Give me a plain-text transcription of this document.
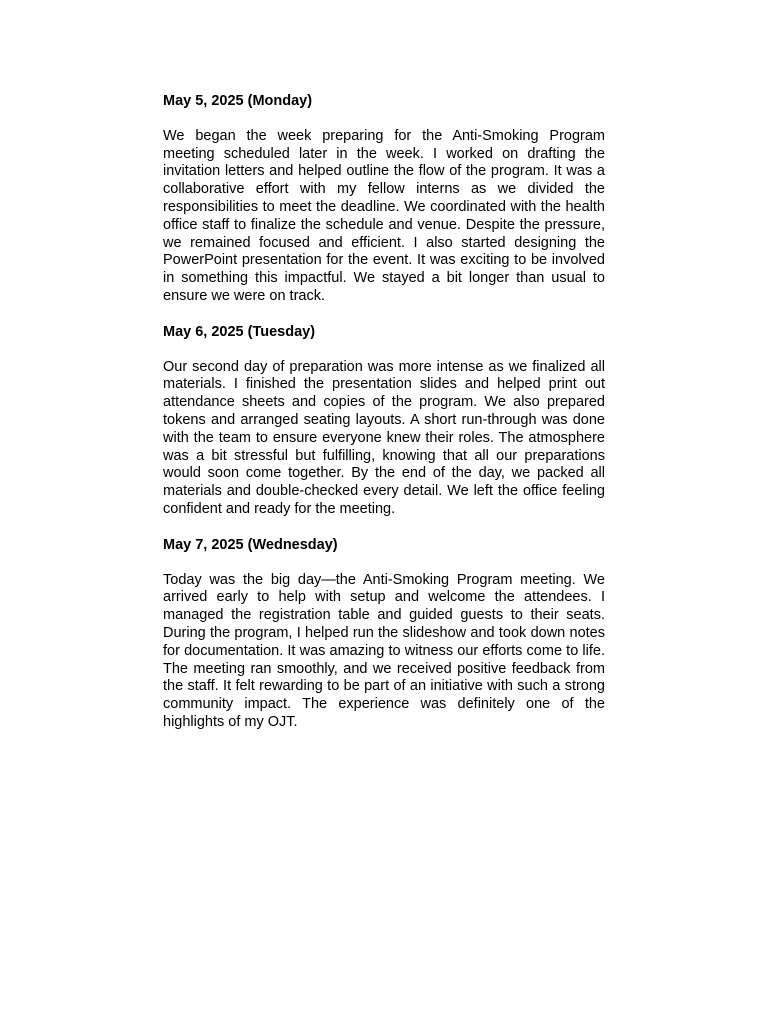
May 5, 2025 (Monday)

We began the week preparing for the Anti-Smoking Program meeting scheduled later in the week. I worked on drafting the invitation letters and helped outline the flow of the program. It was a collaborative effort with my fellow interns as we divided the responsibilities to meet the deadline. We coordinated with the health office staff to finalize the schedule and venue. Despite the pressure, we remained focused and efficient. I also started designing the PowerPoint presentation for the event. It was exciting to be involved in something this impactful. We stayed a bit longer than usual to ensure we were on track.

May 6, 2025 (Tuesday)

Our second day of preparation was more intense as we finalized all materials. I finished the presentation slides and helped print out attendance sheets and copies of the program. We also prepared tokens and arranged seating layouts. A short run-through was done with the team to ensure everyone knew their roles. The atmosphere was a bit stressful but fulfilling, knowing that all our preparations would soon come together. By the end of the day, we packed all materials and double-checked every detail. We left the office feeling confident and ready for the meeting.

May 7, 2025 (Wednesday)

Today was the big day—the Anti-Smoking Program meeting. We arrived early to help with setup and welcome the attendees. I managed the registration table and guided guests to their seats. During the program, I helped run the slideshow and took down notes for documentation. It was amazing to witness our efforts come to life. The meeting ran smoothly, and we received positive feedback from the staff. It felt rewarding to be part of an initiative with such a strong community impact. The experience was definitely one of the highlights of my OJT.
